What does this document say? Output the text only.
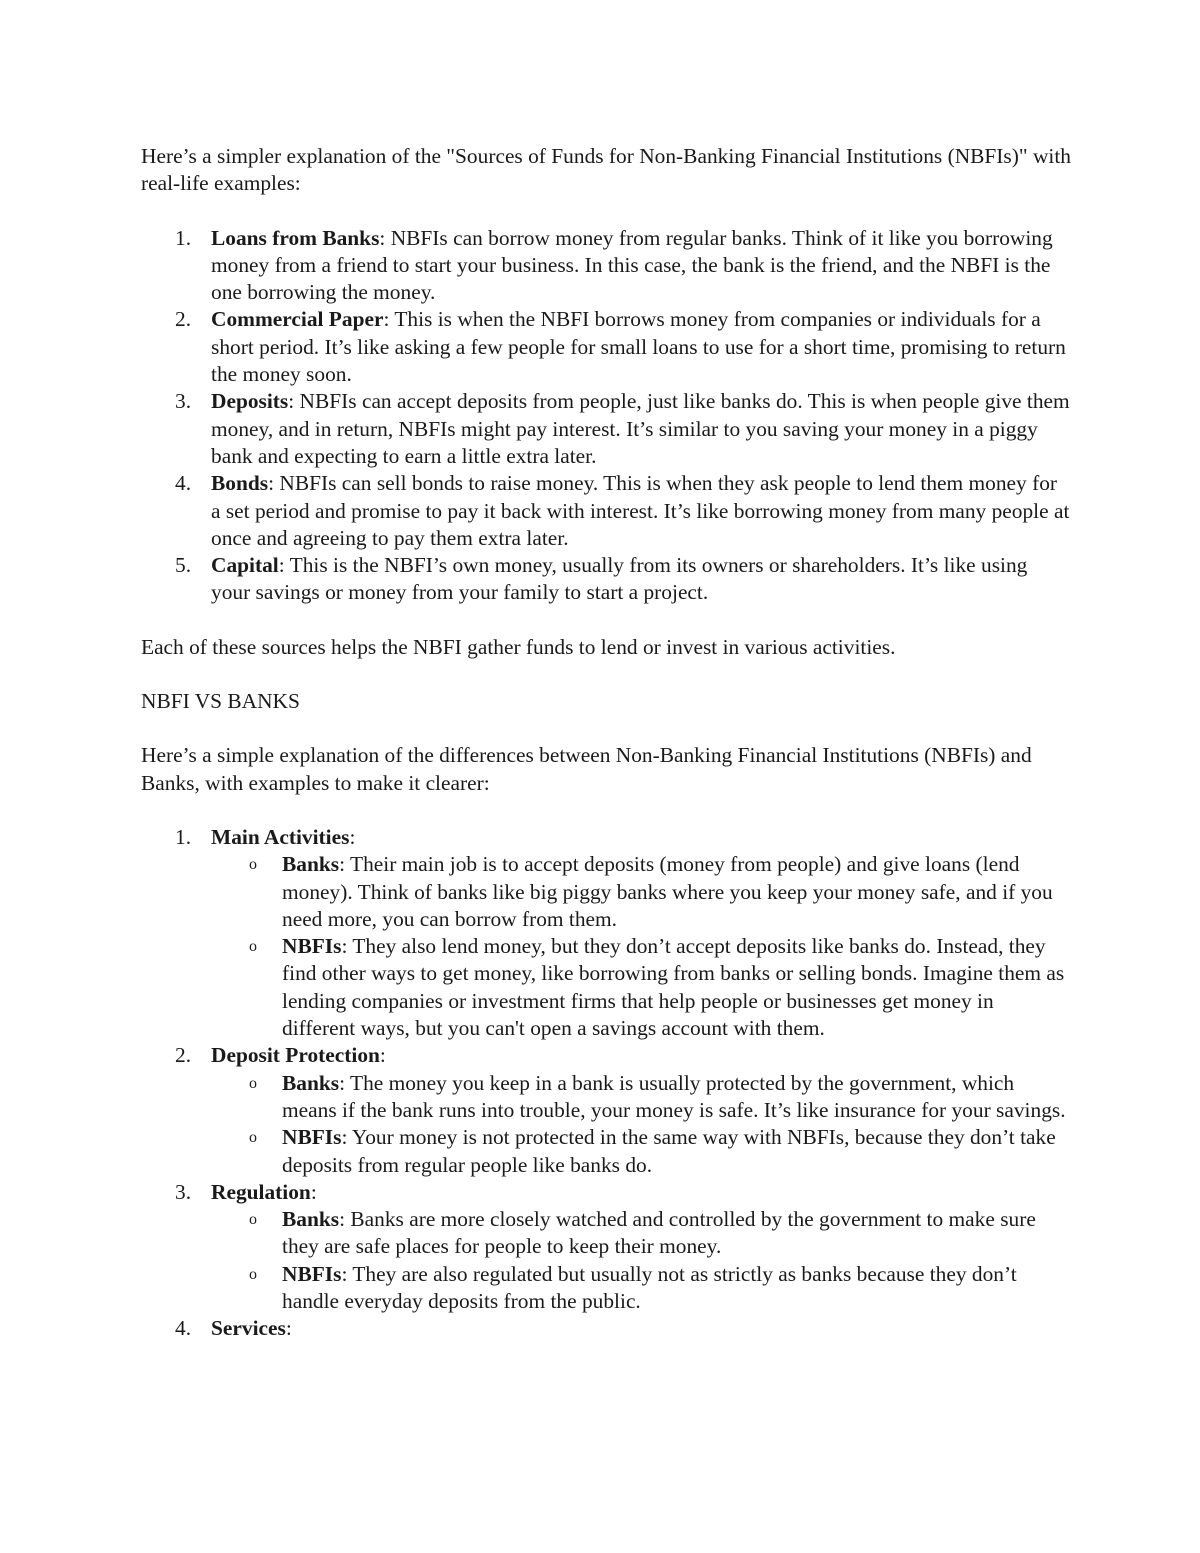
Here’s a simpler explanation of the "Sources of Funds for Non-Banking Financial Institutions (NBFIs)" with real-life examples:

1. Loans from Banks: NBFIs can borrow money from regular banks. Think of it like you borrowing money from a friend to start your business. In this case, the bank is the friend, and the NBFI is the one borrowing the money.
2. Commercial Paper: This is when the NBFI borrows money from companies or individuals for a short period. It’s like asking a few people for small loans to use for a short time, promising to return the money soon.
3. Deposits: NBFIs can accept deposits from people, just like banks do. This is when people give them money, and in return, NBFIs might pay interest. It’s similar to you saving your money in a piggy bank and expecting to earn a little extra later.
4. Bonds: NBFIs can sell bonds to raise money. This is when they ask people to lend them money for a set period and promise to pay it back with interest. It’s like borrowing money from many people at once and agreeing to pay them extra later.
5. Capital: This is the NBFI’s own money, usually from its owners or shareholders. It’s like using your savings or money from your family to start a project.

Each of these sources helps the NBFI gather funds to lend or invest in various activities.

NBFI VS BANKS

Here’s a simple explanation of the differences between Non-Banking Financial Institutions (NBFIs) and Banks, with examples to make it clearer:

1. Main Activities:
o Banks: Their main job is to accept deposits (money from people) and give loans (lend money). Think of banks like big piggy banks where you keep your money safe, and if you need more, you can borrow from them.
o NBFIs: They also lend money, but they don’t accept deposits like banks do. Instead, they find other ways to get money, like borrowing from banks or selling bonds. Imagine them as lending companies or investment firms that help people or businesses get money in different ways, but you can't open a savings account with them.
2. Deposit Protection:
o Banks: The money you keep in a bank is usually protected by the government, which means if the bank runs into trouble, your money is safe. It’s like insurance for your savings.
o NBFIs: Your money is not protected in the same way with NBFIs, because they don’t take deposits from regular people like banks do.
3. Regulation:
o Banks: Banks are more closely watched and controlled by the government to make sure they are safe places for people to keep their money.
o NBFIs: They are also regulated but usually not as strictly as banks because they don’t handle everyday deposits from the public.
4. Services:
